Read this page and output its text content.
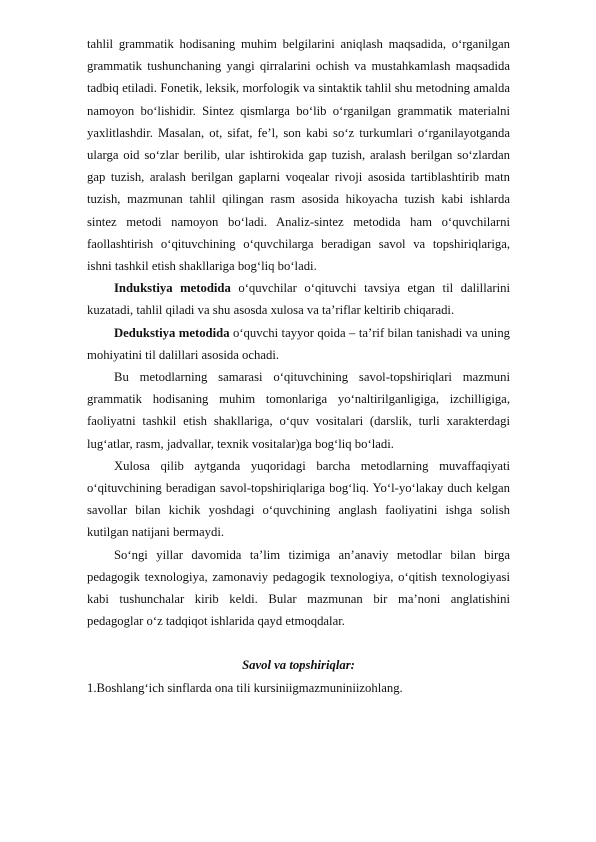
tahlil grammatik hodisaning muhim belgilarini aniqlash maqsadida, o‘rganilgan grammatik tushunchaning yangi qirralarini ochish va mustahkamlash maqsadida tadbiq etiladi. Fonetik, leksik, morfologik va sintaktik tahlil shu metodning amalda namoyon bo‘lishidir. Sintez qismlarga bo‘lib o‘rganilgan grammatik materialni yaxlitlashdir. Masalan, ot, sifat, fe’l, son kabi so‘z turkumlari o‘rganilayotganda ularga oid so‘zlar berilib, ular ishtirokida gap tuzish, aralash berilgan so‘zlardan gap tuzish, aralash berilgan gaplarni voqealar rivoji asosida tartiblashtirib matn tuzish, mazmunan tahlil qilingan rasm asosida hikoyacha tuzish kabi ishlarda sintez metodi namoyon bo‘ladi. Analiz-sintez metodida ham o‘quvchilarni faollashtirish o‘qituvchining o‘quvchilarga beradigan savol va topshiriqlariga, ishni tashkil etish shakllariga bog‘liq bo‘ladi.

Indukstiya metodida o‘quvchilar o‘qituvchi tavsiya etgan til dalillarini kuzatadi, tahlil qiladi va shu asosda xulosa va ta’riflar keltirib chiqaradi.

Dedukstiya metodida o‘quvchi tayyor qoida – ta’rif bilan tanishadi va uning mohiyatini til dalillari asosida ochadi.

Bu metodlarning samarasi o‘qituvchining savol-topshiriqlari mazmuni grammatik hodisaning muhim tomonlariga yo‘naltirilganligiga, izchilligiga, faoliyatni tashkil etish shakllariga, o‘quv vositalari (darslik, turli xarakterdagi lug‘atlar, rasm, jadvallar, texnik vositalar)ga bog‘liq bo‘ladi.

Xulosa qilib aytganda yuqoridagi barcha metodlarning muvaffaqiyati o‘qituvchining beradigan savol-topshiriqlariga bog‘liq. Yo‘l-yo‘lakay duch kelgan savollar bilan kichik yoshdagi o‘quvchining anglash faoliyatini ishga solish kutilgan natijani bermaydi.

So‘ngi yillar davomida ta’lim tizimiga an’anaviy metodlar bilan birga pedagogik texnologiya, zamonaviy pedagogik texnologiya, o‘qitish texnologiyasi kabi tushunchalar kirib keldi. Bular mazmunan bir ma’noni anglatishini pedagoglar o‘z tadqiqot ishlarida qayd etmoqdalar.

Savol va topshiriqlar:

1.Boshlang‘ich sinflarda ona tili kursiniigmazmuniniizohlang.
